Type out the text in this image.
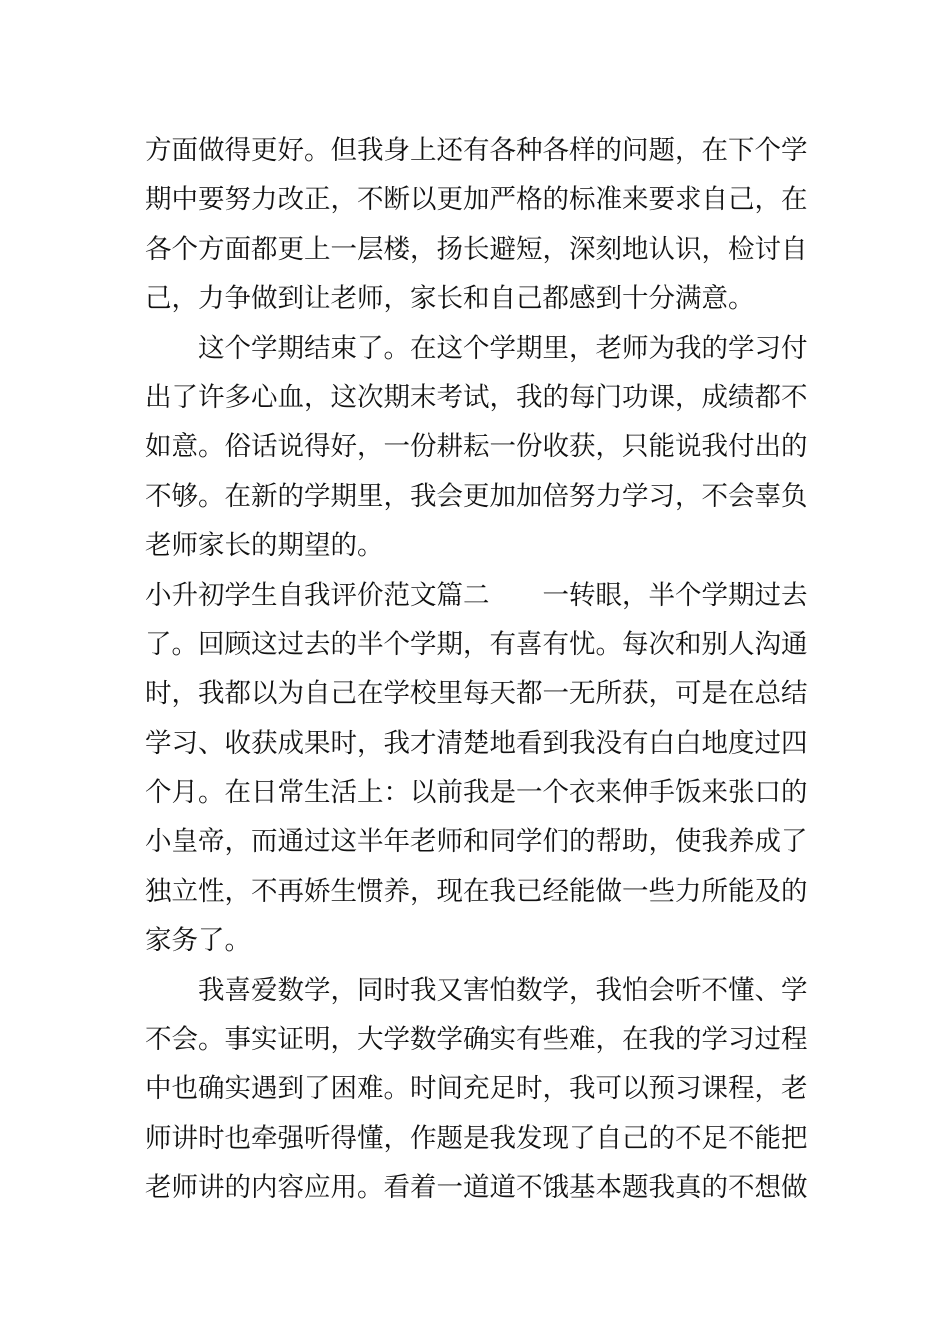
方面做得更好。但我身上还有各种各样的问题，在下个学
期中要努力改正，不断以更加严格的标准来要求自己，在
各个方面都更上一层楼，扬长避短，深刻地认识，检讨自
己，力争做到让老师，家长和自己都感到十分满意。
这个学期结束了。在这个学期里，老师为我的学习付
出了许多心血，这次期末考试，我的每门功课，成绩都不
如意。俗话说得好，一份耕耘一份收获，只能说我付出的
不够。在新的学期里，我会更加加倍努力学习，不会辜负
老师家长的期望的。
小升初学生自我评价范文篇二 一转眼，半个学期过去
了。回顾这过去的半个学期，有喜有忧。每次和别人沟通
时，我都以为自己在学校里每天都一无所获，可是在总结
学习、收获成果时，我才清楚地看到我没有白白地度过四
个月。在日常生活上：以前我是一个衣来伸手饭来张口的
小皇帝，而通过这半年老师和同学们的帮助，使我养成了
独立性，不再娇生惯养，现在我已经能做一些力所能及的
家务了。
我喜爱数学，同时我又害怕数学，我怕会听不懂、学
不会。事实证明，大学数学确实有些难，在我的学习过程
中也确实遇到了困难。时间充足时，我可以预习课程，老
师讲时也牵强听得懂，作题是我发现了自己的不足不能把
老师讲的内容应用。看着一道道不饿基本题我真的不想做
